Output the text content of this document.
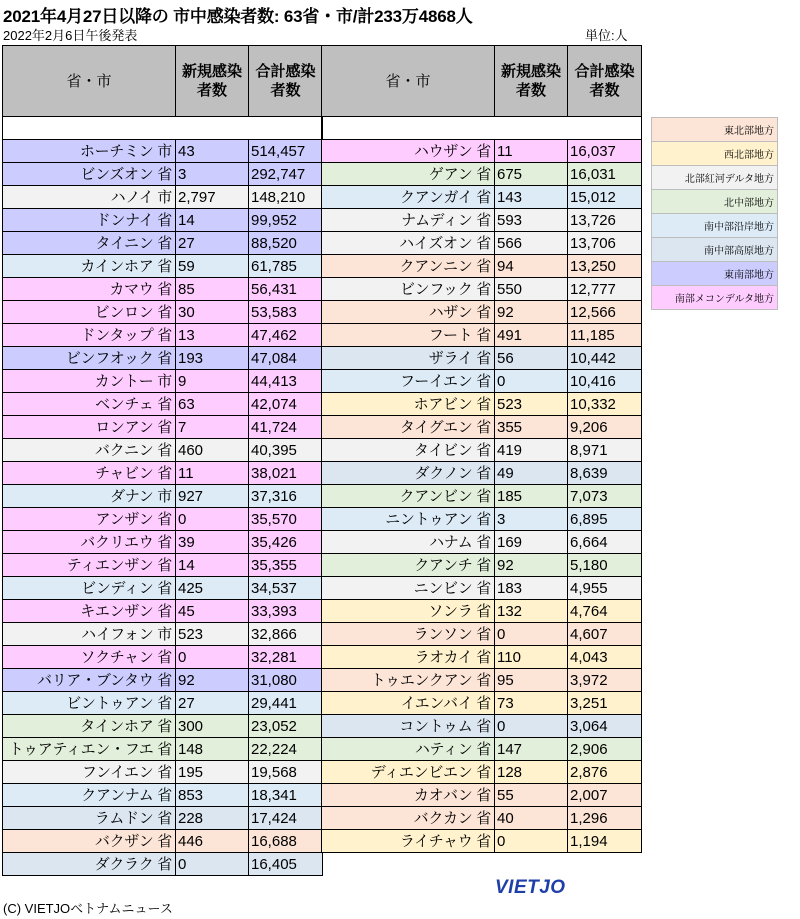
2021年4月27日以降の 市中感染者数: 63省・市/計233万4868人
2022年2月6日午後発表	単位:人
省・市	新規感染者数	合計感染者数

ホーチミン 市	43	514,457
ビンズオン 省	3	292,747
ハノイ 市	2,797	148,210
ドンナイ 省	14	99,952
タイニン 省	27	88,520
カインホア 省	59	61,785
カマウ 省	85	56,431
ビンロン 省	30	53,583
ドンタップ 省	13	47,462
ビンフオック 省	193	47,084
カントー 市	9	44,413
ベンチェ 省	63	42,074
ロンアン 省	7	41,724
バクニン 省	460	40,395
チャビン 省	11	38,021
ダナン 市	927	37,316
アンザン 省	0	35,570
バクリエウ 省	39	35,426
ティエンザン 省	14	35,355
ビンディン 省	425	34,537
キエンザン 省	45	33,393
ハイフォン 市	523	32,866
ソクチャン 省	0	32,281
バリア・ブンタウ 省	92	31,080
ビントゥアン 省	27	29,441
タインホア 省	300	23,052
トゥアティエン・フエ 省	148	22,224
フンイエン 省	195	19,568
クアンナム 省	853	18,341
ラムドン 省	228	17,424
バクザン 省	446	16,688
ダクラク 省	0	16,405
省・市	新規感染者数	合計感染者数

ハウザン 省	11	16,037
ゲアン 省	675	16,031
クアンガイ 省	143	15,012
ナムディン 省	593	13,726
ハイズオン 省	566	13,706
クアンニン 省	94	13,250
ビンフック 省	550	12,777
ハザン 省	92	12,566
フート 省	491	11,185
ザライ 省	56	10,442
フーイエン 省	0	10,416
ホアビン 省	523	10,332
タイグエン 省	355	9,206
タイビン 省	419	8,971
ダクノン 省	49	8,639
クアンビン 省	185	7,073
ニントゥアン 省	3	6,895
ハナム 省	169	6,664
クアンチ 省	92	5,180
ニンビン 省	183	4,955
ソンラ 省	132	4,764
ランソン 省	0	4,607
ラオカイ 省	110	4,043
トゥエンクアン 省	95	3,972
イエンバイ 省	73	3,251
コントゥム 省	0	3,064
ハティン 省	147	2,906
ディエンビエン 省	128	2,876
カオバン 省	55	2,007
バクカン 省	40	1,296
ライチャウ 省	0	1,194
東北部地方
西北部地方
北部紅河デルタ地方
北中部地方
南中部沿岸地方
南中部高原地方
東南部地方
南部メコンデルタ地方
(C) VIETJOベトナムニュース
VIETJO
